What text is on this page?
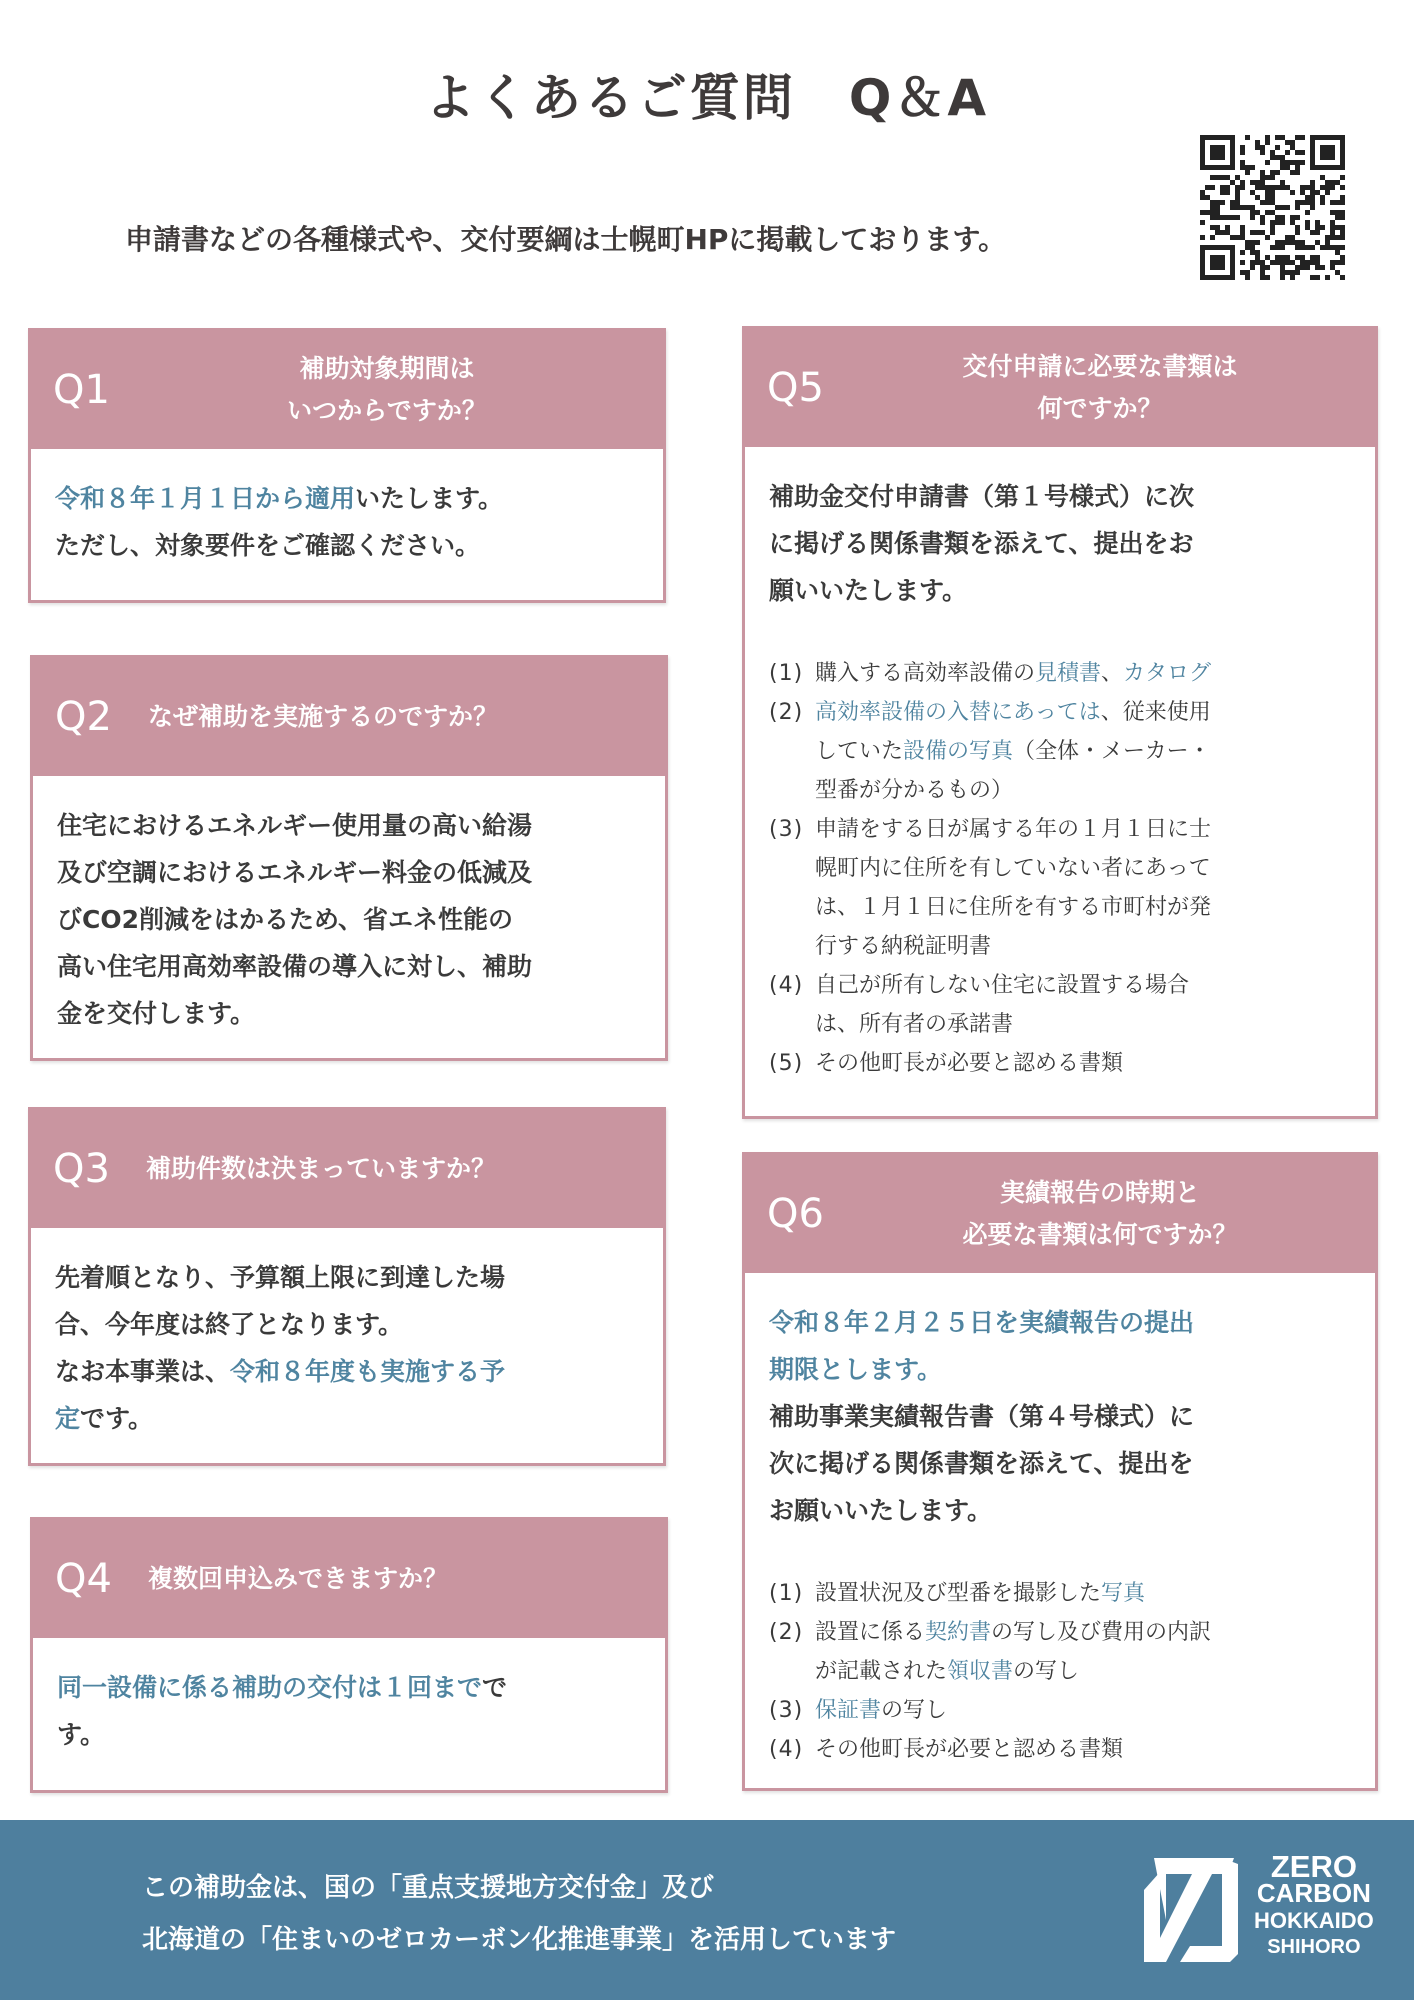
よくあるご質問　Q＆A
申請書などの各種様式や、交付要綱は士幌町HPに掲載しております。
Q1	補助対象期間は
いつからですか？
令和８年１月１日から適用いたします。ただし、対象要件をご確認ください。
Q2 なぜ補助を実施するのですか？
住宅におけるエネルギー使用量の高い給湯及び空調におけるエネルギー料金の低減及びCO2削減をはかるため、省エネ性能の高い住宅用高効率設備の導入に対し、補助金を交付します。
Q3 補助件数は決まっていますか？
先着順となり、予算額上限に到達した場合、今年度は終了となります。
なお本事業は、令和８年度も実施する予定です。
Q4 複数回申込みできますか？
同一設備に係る補助の交付は１回までです。
Q5	交付申請に必要な書類は
何ですか？
補助金交付申請書（第１号様式）に次に掲げる関係書類を添えて、提出をお願いいたします。
(1) 購入する高効率設備の見積書、カタログ
(2) 高効率設備の入替にあっては、従来使用していた設備の写真（全体・メーカー・型番が分かるもの）
(3) 申請をする日が属する年の１月１日に士幌町内に住所を有していない者にあっては、１月１日に住所を有する市町村が発行する納税証明書
(4) 自己が所有しない住宅に設置する場合は、所有者の承諾書
(5) その他町長が必要と認める書類
Q6	実績報告の時期と
必要な書類は何ですか？
令和８年２月２５日を実績報告の提出期限とします。
補助事業実績報告書（第４号様式）に次に掲げる関係書類を添えて、提出をお願いいたします。
(1) 設置状況及び型番を撮影した写真
(2) 設置に係る契約書の写し及び費用の内訳が記載された領収書の写し
(3) 保証書の写し
(4) その他町長が必要と認める書類
この補助金は、国の「重点支援地方交付金」及び
北海道の「住まいのゼロカーボン化推進事業」を活用しています
ZERO
CARBON
HOKKAIDO
SHIHORO
